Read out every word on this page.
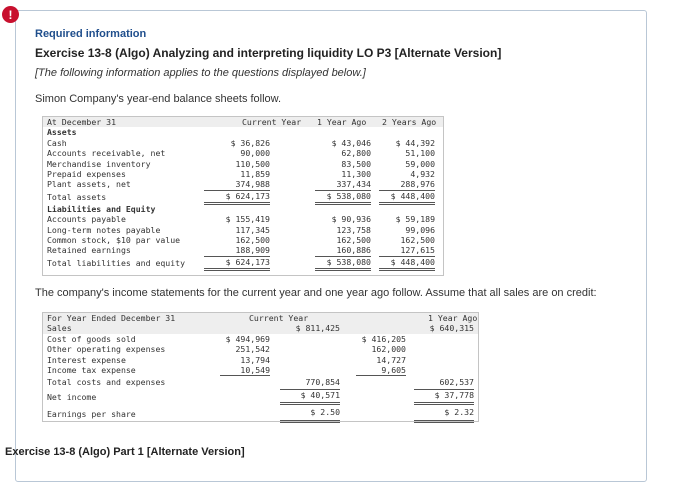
!
Required information
Exercise 13-8 (Algo) Analyzing and interpreting liquidity LO P3 [Alternate Version]
[The following information applies to the questions displayed below.]
Simon Company's year-end balance sheets follow.
At December 31	Current Year 1 Year Ago 2 Years Ago
Assets
Cash	$ 36,826	$ 43,046	$ 44,392
Accounts receivable, net	90,000	62,800	51,100
Merchandise inventory	110,500	83,500	59,000
Prepaid expenses	11,859	11,300	4,932
Plant assets, net	374,988	337,434	288,976
Total assets	$ 624,173	$ 538,080	$ 448,400
Liabilities and Equity
Accounts payable	$ 155,419	$ 90,936	$ 59,189
Long-term notes payable	117,345	123,758	99,096
Common stock, $10 par value	162,500	162,500	162,500
Retained earnings	188,909	160,886	127,615
Total liabilities and equity	$ 624,173	$ 538,080	$ 448,400
The company's income statements for the current year and one year ago follow. Assume that all sales are on credit:
For Year Ended December 31	Current Year	1 Year Ago
Sales	$ 811,425	$ 640,315
Cost of goods sold	$ 494,969	$ 416,205
Other operating expenses	251,542	162,000
Interest expense	13,794	14,727
Income tax expense	10,549	9,605
Total costs and expenses	770,854	602,537
Net income	$ 40,571	$ 37,778
Earnings per share	$ 2.50	$ 2.32
Exercise 13-8 (Algo) Part 1 [Alternate Version]
